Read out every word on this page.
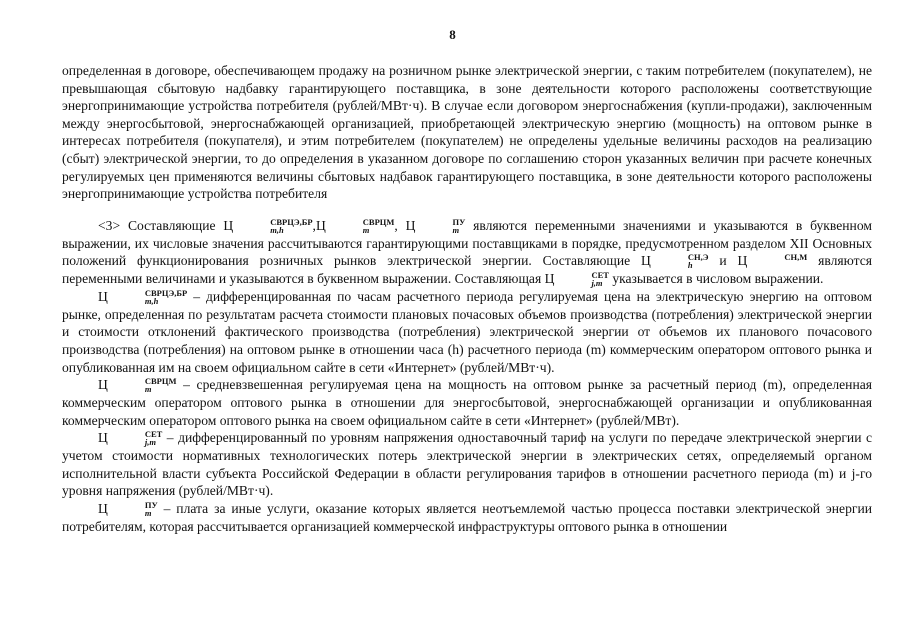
8

определенная в договоре, обеспечивающем продажу на розничном рынке электрической энергии, с таким потребителем (покупателем), не превышающая сбытовую надбавку гарантирующего поставщика, в зоне деятельности которого расположены соответствующие энергопринимающие устройства потребителя (рублей/МВт·ч). В случае если договором энергоснабжения (купли-продажи), заключенным между энергосбытовой, энергоснабжающей организацией, приобретающей электрическую энергию (мощность) на оптовом рынке в интересах потребителя (покупателя), и этим потребителем (покупателем) не определены удельные величины расходов на реализацию (сбыт) электрической энергии, то до определения в указанном договоре по соглашению сторон указанных величин при расчете конечных регулируемых цен применяются величины сбытовых надбавок гарантирующего поставщика, в зоне деятельности которого расположены энергопринимающие устройства потребителя

<3> Составляющие Ц	СВРЦЭ,БР
m,h	,Ц	СВРЦМ
m	, Ц	ПУ
m	являются переменными значениями и указываются в буквенном выражении, их числовые значения рассчитываются гарантирующими поставщиками в порядке, предусмотренном разделом XII Основных положений функционирования розничных рынков электрической энергии. Составляющие Ц	СН,Э
h	и Ц	СН,М
являются переменными величинами и указываются в буквенном выражении. Составляющая Ц	СЕТ
j,m указывается в числовом выражении.

Ц	СВРЦЭ,БР
m,h	– дифференцированная по часам расчетного периода регулируемая цена на электрическую энергию на оптовом рынке, определенная по результатам расчета стоимости плановых почасовых объемов производства (потребления) электрической энергии и стоимости отклонений фактического производства (потребления) электрической энергии от объемов их планового почасового производства (потребления) на оптовом рынке в отношении часа (h) расчетного периода (m) коммерческим оператором оптового рынка и опубликованная им на своем официальном сайте в сети «Интернет» (рублей/МВт·ч).

Ц	СВРЦМ
m	– средневзвешенная регулируемая цена на мощность на оптовом рынке за расчетный период (m), определенная коммерческим оператором оптового рынка в отношении для энергосбытовой, энергоснабжающей организации и опубликованная коммерческим оператором оптового рынка на своем официальном сайте в сети «Интернет» (рублей/МВт).

Ц	СЕТ
j,m – дифференцированный по уровням напряжения одноставочный тариф на услуги по передаче электрической энергии с учетом стоимости нормативных технологических потерь электрической энергии в электрических сетях, определяемый органом исполнительной власти субъекта Российской Федерации в области регулирования тарифов в отношении расчетного периода (m) и j-го уровня напряжения (рублей/МВт·ч).

Ц	ПУ
m – плата за иные услуги, оказание которых является неотъемлемой частью процесса поставки электрической энергии потребителям, которая рассчитывается организацией коммерческой инфраструктуры оптового рынка в отношении
